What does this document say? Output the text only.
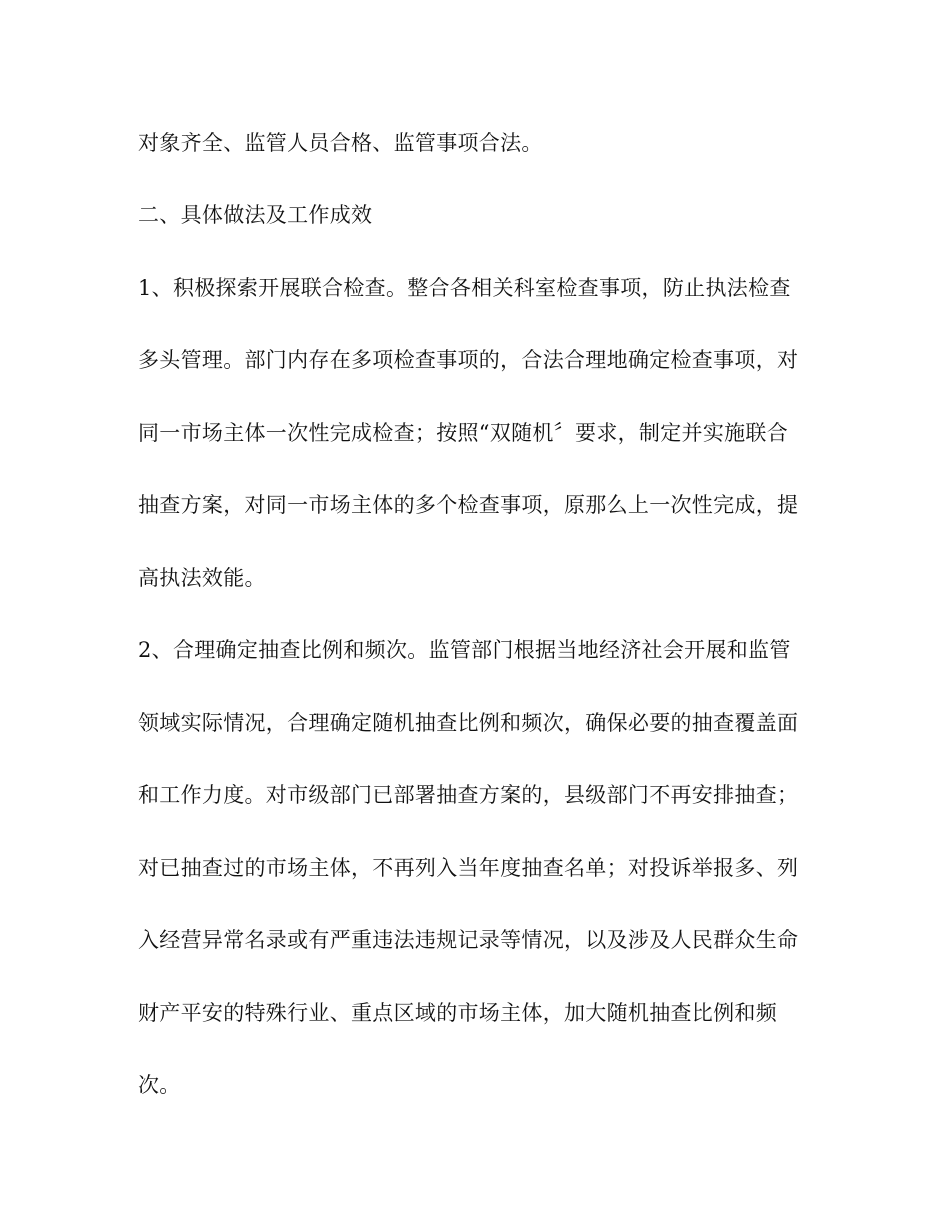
对象齐全、监管人员合格、监管事项合法。
二、具体做法及工作成效
1、积极探索开展联合检查。整合各相关科室检查事项，防止执法检查
多头管理。部门内存在多项检查事项的，合法合理地确定检查事项，对
同一市场主体一次性完成检查；按照“双随机〞要求，制定并实施联合
抽查方案，对同一市场主体的多个检查事项，原那么上一次性完成，提
高执法效能。
2、合理确定抽查比例和频次。监管部门根据当地经济社会开展和监管
领域实际情况，合理确定随机抽查比例和频次，确保必要的抽查覆盖面
和工作力度。对市级部门已部署抽查方案的，县级部门不再安排抽查；
对已抽查过的市场主体，不再列入当年度抽查名单；对投诉举报多、列
入经营异常名录或有严重违法违规记录等情况，以及涉及人民群众生命
财产平安的特殊行业、重点区域的市场主体，加大随机抽查比例和频
次。
